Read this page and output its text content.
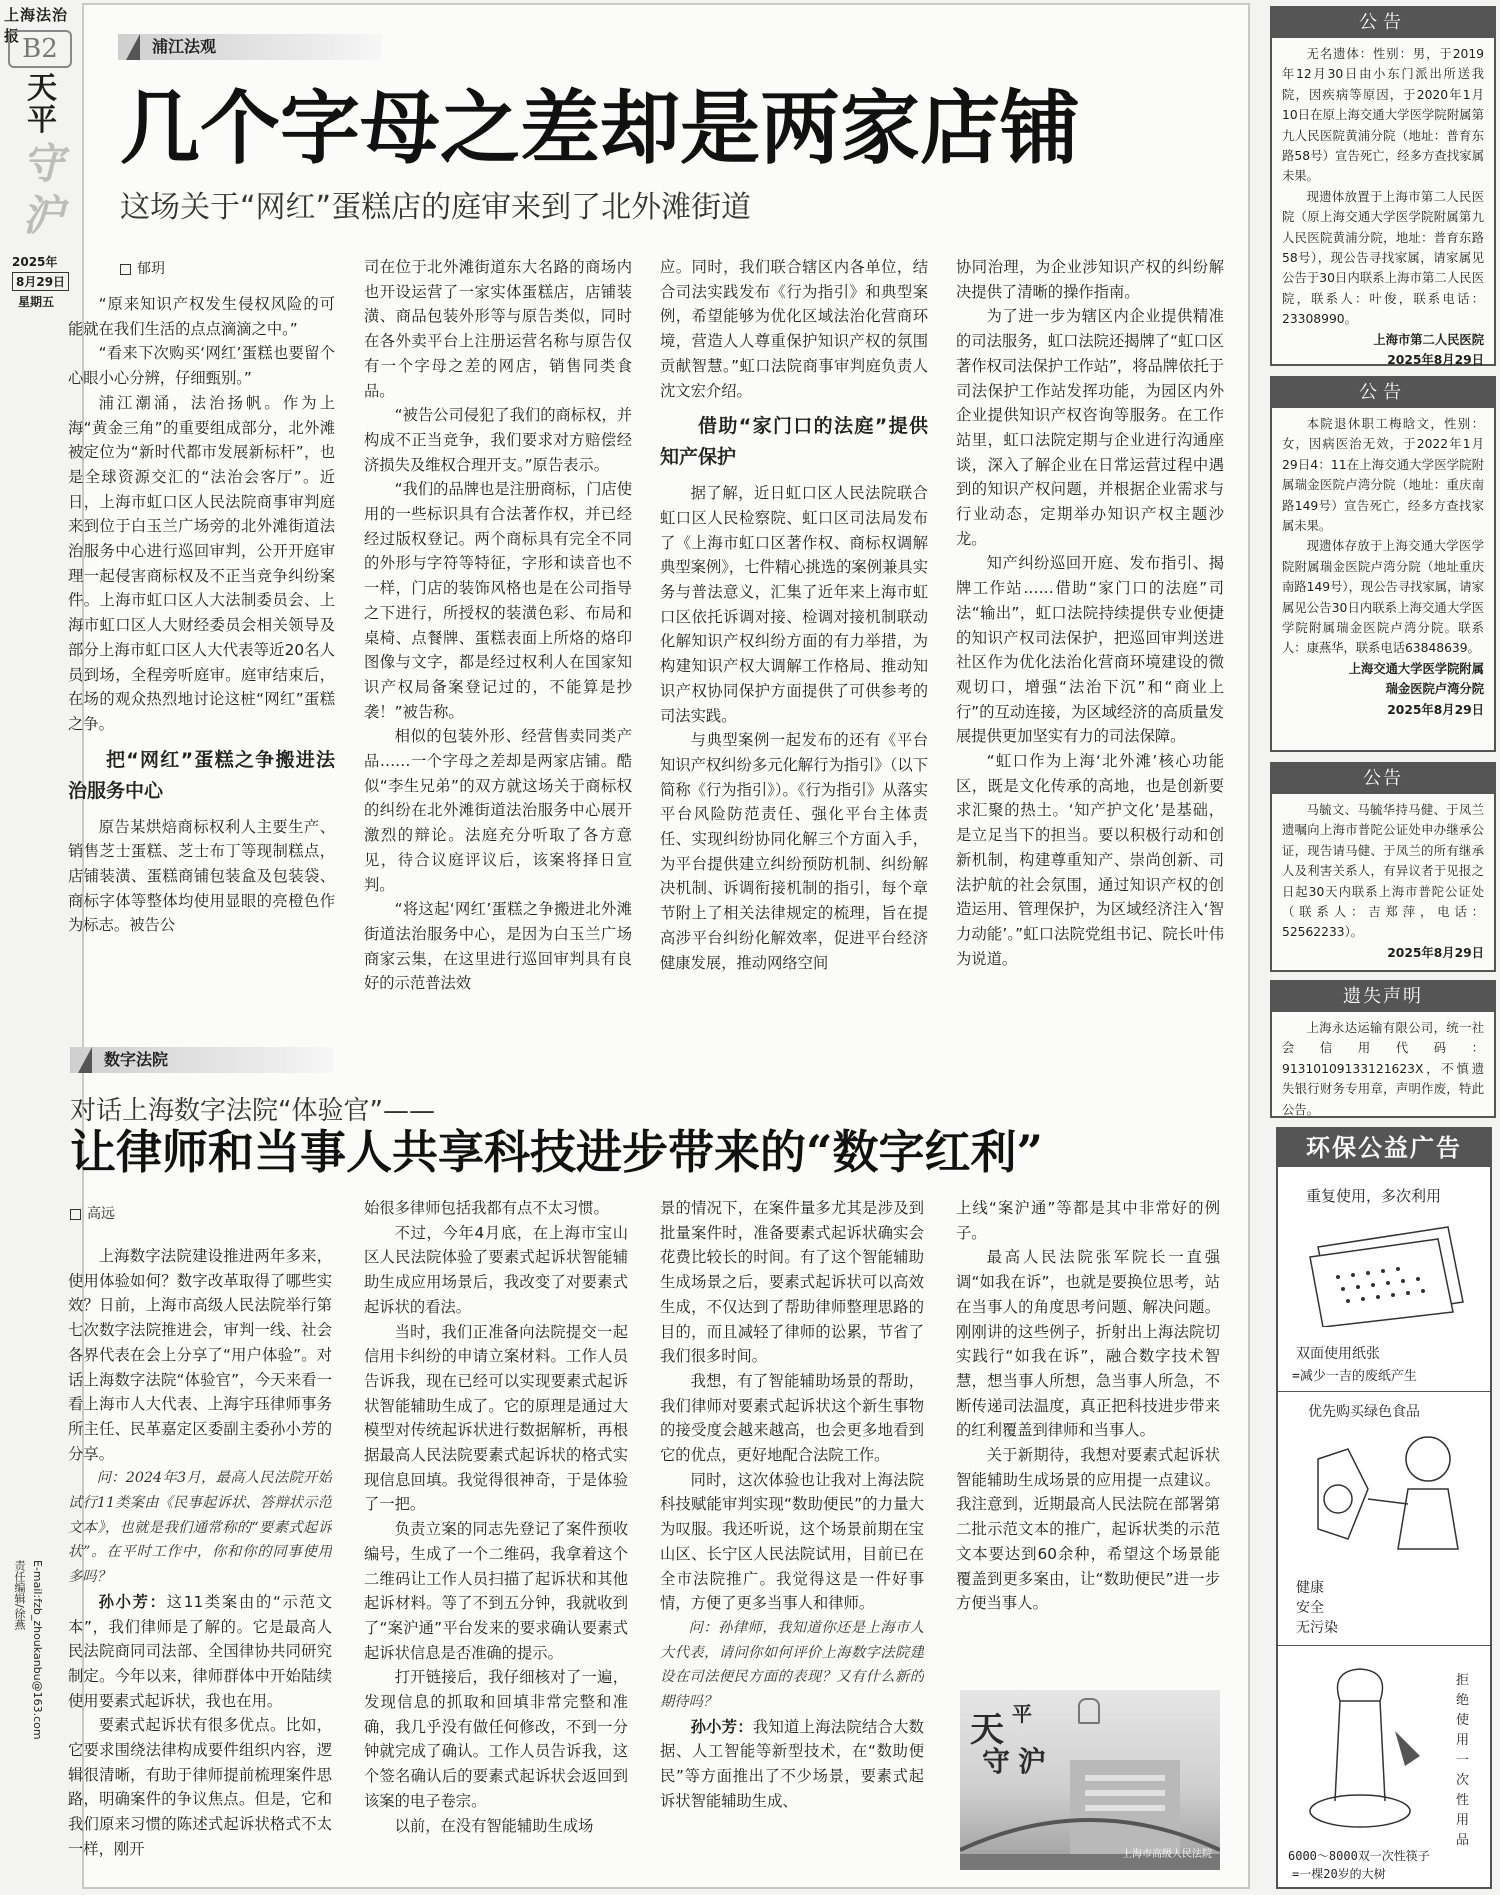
上海法治报 B2
天
平
守
沪
2025年
8月29日
星期五
责任编辑/徐燕 E-mail:fzb_zhoukanbu@163.com
浦江法观
几个字母之差却是两家店铺
这场关于“网红”蛋糕店的庭审来到了北外滩街道
郁玥

“原来知识产权发生侵权风险的可能就在我们生活的点点滴滴之中。”

“看来下次购买‘网红’蛋糕也要留个心眼小心分辨，仔细甄别。”

浦江潮涌，法治扬帆。作为上海“黄金三角”的重要组成部分，北外滩被定位为“新时代都市发展新标杆”，也是全球资源交汇的“法治会客厅”。近日，上海市虹口区人民法院商事审判庭来到位于白玉兰广场旁的北外滩街道法治服务中心进行巡回审判，公开开庭审理一起侵害商标权及不正当竞争纠纷案件。上海市虹口区人大法制委员会、上海市虹口区人大财经委员会相关领导及部分上海市虹口区人大代表等近20名人员到场，全程旁听庭审。庭审结束后，在场的观众热烈地讨论这桩“网红”蛋糕之争。

把“网红”蛋糕之争搬进法治服务中心

原告某烘焙商标权利人主要生产、销售芝士蛋糕、芝士布丁等现制糕点，店铺装潢、蛋糕商铺包装盒及包装袋、商标字体等整体均使用显眼的亮橙色作为标志。被告公

司在位于北外滩街道东大名路的商场内也开设运营了一家实体蛋糕店，店铺装潢、商品包装外形等与原告类似，同时在各外卖平台上注册运营名称与原告仅有一个字母之差的网店，销售同类食品。

“被告公司侵犯了我们的商标权，并构成不正当竞争，我们要求对方赔偿经济损失及维权合理开支。”原告表示。

“我们的品牌也是注册商标，门店使用的一些标识具有合法著作权，并已经经过版权登记。两个商标具有完全不同的外形与字符等特征，字形和读音也不一样，门店的装饰风格也是在公司指导之下进行，所授权的装潢色彩、布局和桌椅、点餐牌、蛋糕表面上所烙的烙印图像与文字，都是经过权利人在国家知识产权局备案登记过的，不能算是抄袭！”被告称。

相似的包装外形、经营售卖同类产品……一个字母之差却是两家店铺。酷似“李生兄弟”的双方就这场关于商标权的纠纷在北外滩街道法治服务中心展开激烈的辩论。法庭充分听取了各方意见，待合议庭评议后，该案将择日宣判。

“将这起‘网红’蛋糕之争搬进北外滩街道法治服务中心，是因为白玉兰广场商家云集，在这里进行巡回审判具有良好的示范普法效

应。同时，我们联合辖区内各单位，结合司法实践发布《行为指引》和典型案例，希望能够为优化区域法治化营商环境，营造人人尊重保护知识产权的氛围贡献智慧。”虹口法院商事审判庭负责人沈文宏介绍。

借助“家门口的法庭”提供知产保护

据了解，近日虹口区人民法院联合虹口区人民检察院、虹口区司法局发布了《上海市虹口区著作权、商标权调解典型案例》，七件精心挑选的案例兼具实务与普法意义，汇集了近年来上海市虹口区依托诉调对接、检调对接机制联动化解知识产权纠纷方面的有力举措，为构建知识产权大调解工作格局、推动知识产权协同保护方面提供了可供参考的司法实践。

与典型案例一起发布的还有《平台知识产权纠纷多元化解行为指引》（以下简称《行为指引》）。《行为指引》从落实平台风险防范责任、强化平台主体责任、实现纠纷协同化解三个方面入手，为平台提供建立纠纷预防机制、纠纷解决机制、诉调衔接机制的指引，每个章节附上了相关法律规定的梳理，旨在提高涉平台纠纷化解效率，促进平台经济健康发展，推动网络空间

协同治理，为企业涉知识产权的纠纷解决提供了清晰的操作指南。

为了进一步为辖区内企业提供精准的司法服务，虹口法院还揭牌了“虹口区著作权司法保护工作站”，将品牌依托于司法保护工作站发挥功能，为园区内外企业提供知识产权咨询等服务。在工作站里，虹口法院定期与企业进行沟通座谈，深入了解企业在日常运营过程中遇到的知识产权问题，并根据企业需求与行业动态，定期举办知识产权主题沙龙。

知产纠纷巡回开庭、发布指引、揭牌工作站……借助“家门口的法庭”司法“输出”，虹口法院持续提供专业便捷的知识产权司法保护，把巡回审判送进社区作为优化法治化营商环境建设的微观切口，增强“法治下沉”和“商业上行”的互动连接，为区域经济的高质量发展提供更加坚实有力的司法保障。

“虹口作为上海‘北外滩’核心功能区，既是文化传承的高地，也是创新要求汇聚的热土。‘知产护文化’是基础，是立足当下的担当。要以积极行动和创新机制，构建尊重知产、崇尚创新、司法护航的社会氛围，通过知识产权的创造运用、管理保护，为区域经济注入‘智力动能’。”虹口法院党组书记、院长叶伟为说道。

数字法院
对话上海数字法院“体验官”——
让律师和当事人共享科技进步带来的“数字红利”
高远

上海数字法院建设推进两年多来，使用体验如何？数字改革取得了哪些实效？日前，上海市高级人民法院举行第七次数字法院推进会，审判一线、社会各界代表在会上分享了“用户体验”。对话上海数字法院“体验官”，今天来看一看上海市人大代表、上海宇珏律师事务所主任、民革嘉定区委副主委孙小芳的分享。

问：2024年3月，最高人民法院开始试行11类案由《民事起诉状、答辩状示范文本》，也就是我们通常称的“要素式起诉状”。在平时工作中，你和你的同事使用多吗？

孙小芳：这11类案由的“示范文本”，我们律师是了解的。它是最高人民法院商同司法部、全国律协共同研究制定。今年以来，律师群体中开始陆续使用要素式起诉状，我也在用。

要素式起诉状有很多优点。比如，它要求围绕法律构成要件组织内容，逻辑很清晰，有助于律师提前梳理案件思路，明确案件的争议焦点。但是，它和我们原来习惯的陈述式起诉状格式不太一样，刚开

始很多律师包括我都有点不太习惯。

不过，今年4月底，在上海市宝山区人民法院体验了要素式起诉状智能辅助生成应用场景后，我改变了对要素式起诉状的看法。

当时，我们正准备向法院提交一起信用卡纠纷的申请立案材料。工作人员告诉我，现在已经可以实现要素式起诉状智能辅助生成了。它的原理是通过大模型对传统起诉状进行数据解析，再根据最高人民法院要素式起诉状的格式实现信息回填。我觉得很神奇，于是体验了一把。

负责立案的同志先登记了案件预收编号，生成了一个二维码，我拿着这个二维码让工作人员扫描了起诉状和其他起诉材料。等了不到五分钟，我就收到了“案沪通”平台发来的要求确认要素式起诉状信息是否准确的提示。

打开链接后，我仔细核对了一遍，发现信息的抓取和回填非常完整和准确，我几乎没有做任何修改，不到一分钟就完成了确认。工作人员告诉我，这个签名确认后的要素式起诉状会返回到该案的电子卷宗。

以前，在没有智能辅助生成场

景的情况下，在案件量多尤其是涉及到批量案件时，准备要素式起诉状确实会花费比较长的时间。有了这个智能辅助生成场景之后，要素式起诉状可以高效生成，不仅达到了帮助律师整理思路的目的，而且减轻了律师的讼累，节省了我们很多时间。

我想，有了智能辅助场景的帮助，我们律师对要素式起诉状这个新生事物的接受度会越来越高，也会更多地看到它的优点，更好地配合法院工作。

同时，这次体验也让我对上海法院科技赋能审判实现“数助便民”的力量大为叹服。我还听说，这个场景前期在宝山区、长宁区人民法院试用，目前已在全市法院推广。我觉得这是一件好事情，方便了更多当事人和律师。

问：孙律师，我知道你还是上海市人大代表，请问你如何评价上海数字法院建设在司法便民方面的表现？又有什么新的期待吗？

孙小芳：我知道上海法院结合大数据、人工智能等新型技术，在“数助便民”等方面推出了不少场景，要素式起诉状智能辅助生成、

上线“案沪通”等都是其中非常好的例子。

最高人民法院张军院长一直强调“如我在诉”，也就是要换位思考，站在当事人的角度思考问题、解决问题。刚刚讲的这些例子，折射出上海法院切实践行“如我在诉”，融合数字技术智慧，想当事人所想，急当事人所急，不断传递司法温度，真正把科技进步带来的红利覆盖到律师和当事人。

关于新期待，我想对要素式起诉状智能辅助生成场景的应用提一点建议。我注意到，近期最高人民法院在部署第二批示范文本的推广，起诉状类的示范文本要达到60余种，希望这个场景能覆盖到更多案由，让“数助便民”进一步方便当事人。

天 平
守 沪
上海市高级人民法院
公告

无名遗体：性别：男，于2019年12月30日由小东门派出所送我院，因疾病等原因，于2020年1月10日在原上海交通大学医学院附属第九人民医院黄浦分院（地址：普育东路58号）宣告死亡，经多方查找家属未果。

现遗体放置于上海市第二人民医院（原上海交通大学医学院附属第九人民医院黄浦分院，地址：普育东路58号），现公告寻找家属，请家属见公告于30日内联系上海市第二人民医院，联系人：叶俊，联系电话：23308990。

上海市第二人民医院

2025年8月29日

公告

本院退休职工梅晗文，性别：女，因病医治无效，于2022年1月29日4：11在上海交通大学医学院附属瑞金医院卢湾分院（地址：重庆南路149号）宣告死亡，经多方查找家属未果。

现遗体存放于上海交通大学医学院附属瑞金医院卢湾分院（地址重庆南路149号），现公告寻找家属，请家属见公告30日内联系上海交通大学医学院附属瑞金医院卢湾分院。联系人：康燕华，联系电话63848639。

上海交通大学医学院附属

瑞金医院卢湾分院

2025年8月29日

公告

马毓文、马毓华持马健、于凤兰遗嘱向上海市普陀公证处申办继承公证，现告请马健、于凤兰的所有继承人及利害关系人，有异议者于见报之日起30天内联系上海市普陀公证处（联系人：吉郑萍，电话：52562233）。

2025年8月29日

遗失声明

上海永达运输有限公司，统一社会信用代码：91310109133121623X，不慎遗失银行财务专用章，声明作废，特此公告。

环保公益广告
重复使用，多次利用
双面使用纸张
=减少一吉的废纸产生
优先购买绿色食品
健康
安全
无污染
拒
绝
使
用
一
次
性
用
品
6000～8000双一次性筷子
=一棵20岁的大树
